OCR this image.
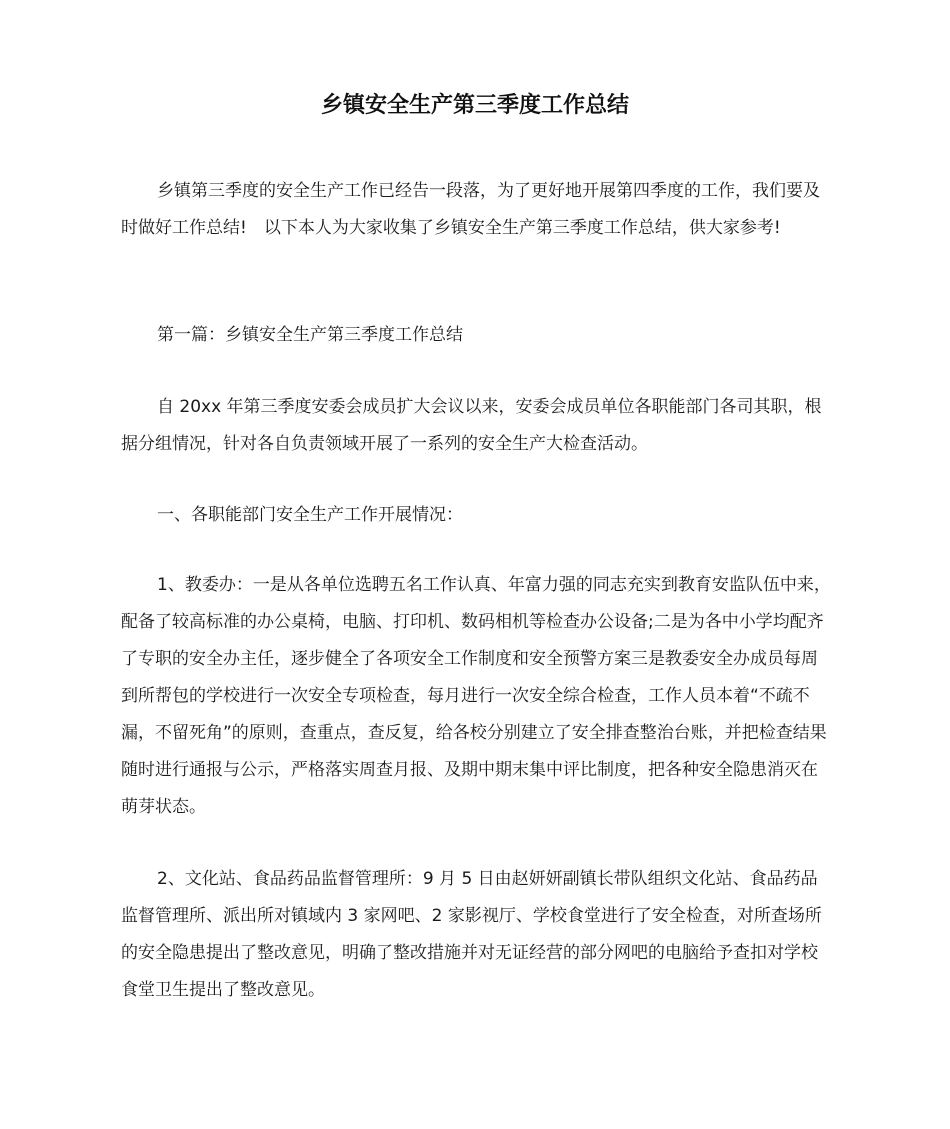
乡镇安全生产第三季度工作总结

乡镇第三季度的安全生产工作已经告一段落，为了更好地开展第四季度的工作，我们要及时做好工作总结!　以下本人为大家收集了乡镇安全生产第三季度工作总结，供大家参考!

第一篇：乡镇安全生产第三季度工作总结

自 20xx 年第三季度安委会成员扩大会议以来，安委会成员单位各职能部门各司其职，根据分组情况，针对各自负责领域开展了一系列的安全生产大检查活动。

一、各职能部门安全生产工作开展情况：

1、教委办：一是从各单位选聘五名工作认真、年富力强的同志充实到教育安监队伍中来，配备了较高标准的办公桌椅，电脑、打印机、数码相机等检查办公设备;二是为各中小学均配齐了专职的安全办主任，逐步健全了各项安全工作制度和安全预警方案三是教委安全办成员每周到所帮包的学校进行一次安全专项检查，每月进行一次安全综合检查，工作人员本着“不疏不漏，不留死角”的原则，查重点，查反复，给各校分别建立了安全排查整治台账，并把检查结果随时进行通报与公示，严格落实周查月报、及期中期末集中评比制度，把各种安全隐患消灭在萌芽状态。

2、文化站、食品药品监督管理所：9 月 5 日由赵妍妍副镇长带队组织文化站、食品药品监督管理所、派出所对镇域内 3 家网吧、2 家影视厅、学校食堂进行了安全检查，对所查场所的安全隐患提出了整改意见，明确了整改措施并对无证经营的部分网吧的电脑给予查扣对学校食堂卫生提出了整改意见。
